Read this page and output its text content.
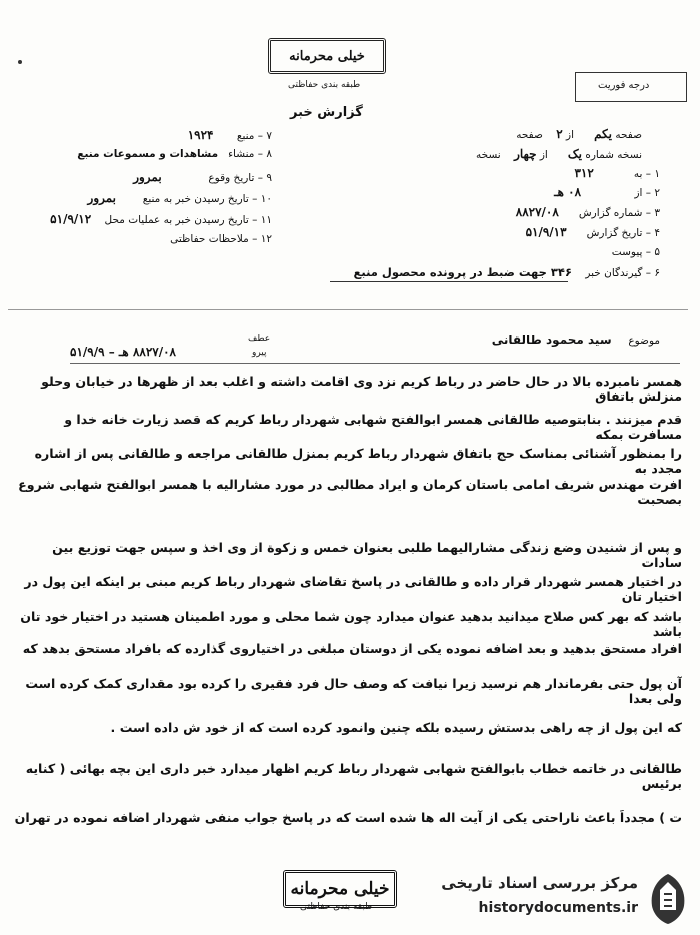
خیلی محرمانه
طبقه بندی حفاظتی
گزارش خبر
درجه فوریت
صفحه یکم      از ۲    صفحه
نسخه شماره یک      از چهار    نسخه
۱ – به            ۳۱۲
۲ – از                ۰۸ هـ
۳ – شماره گزارش      ۸۸۲۷/۰۸
۴ – تاریخ گزارش      ۵۱/۹/۱۳
۵ – پیوست
۶ – گیرندگان خبر    ۳۴۶ جهت ضبط در پرونده محصول منبع
۷ – منبع       ۱۹۲۴
۸ – منشاء   مشاهدات و مسموعات منبع
۹ – تاریخ وقوع              بمرور
۱۰ – تاریخ رسیدن خبر به منبع        بمرور
۱۱ – تاریخ رسیدن خبر به عملیات محل    ۵۱/۹/۱۲
۱۲ – ملاحظات حفاظتی
موضوع     سید محمود طالقانی
۸۸۲۷/۰۸ هـ – ۵۱/۹/۹
عطف
پیرو
همسر نامبرده بالا در حال حاضر در رباط کریم نزد وی اقامت داشته و اغلب بعد از ظهرها در خیابان وحلو منزلش باتفاق
قدم میزنند . بنابتوصیه طالقانی همسر ابوالفتح شهابی شهردار رباط کریم که قصد زیارت خانه خدا و مسافرت بمکه
را بمنظور آشنائی بمناسک حج باتفاق شهردار رباط کریم بمنزل طالقانی مراجعه و طالقانی پس از اشاره مجدد به
افرت مهندس شریف امامی باستان کرمان و ایراد مطالبی در مورد مشارالیه با همسر ابوالفتح شهابی شروع بصحبت
و پس از شنیدن وضع زندگی مشارالیهما طلبی بعنوان خمس و زکوة از وی اخذ و سپس جهت توزیع بین سادات
در اختیار همسر شهردار قرار داده و طالقانی در پاسخ تقاضای شهردار رباط کریم مبنی بر اینکه این پول در اختیار تان
باشد که بهر کس صلاح میدانید بدهید عنوان میدارد چون شما محلی و مورد اطمینان هستید در اختیار خود تان باشد
افراد مستحق بدهید و بعد اضافه نموده یکی از دوستان مبلغی در اختیاروی گذارده که بافراد مستحق بدهد که
آن پول حتی بفرماندار هم نرسید زیرا نیافت که وصف حال فرد فقیری را کرده بود مقداری کمک کرده است ولی بعدا
که این پول از چه راهی بدستش رسیده بلکه چنین وانمود کرده است که از خود ش داده است .
طالقانی در خاتمه خطاب بابوالفتح شهابی شهردار رباط کریم اظهار میدارد خبر داری این بچه بهائی ( کنایه برئیس
ت ) مجدداً باعث ناراحتی یکی از آیت اله ها شده است که در پاسخ جواب منفی شهردار اضافه نموده در تهران
خیلی محرمانه
طبقه بندی حفاظتی
مرکز بررسی اسناد تاریخی
historydocuments.ir
